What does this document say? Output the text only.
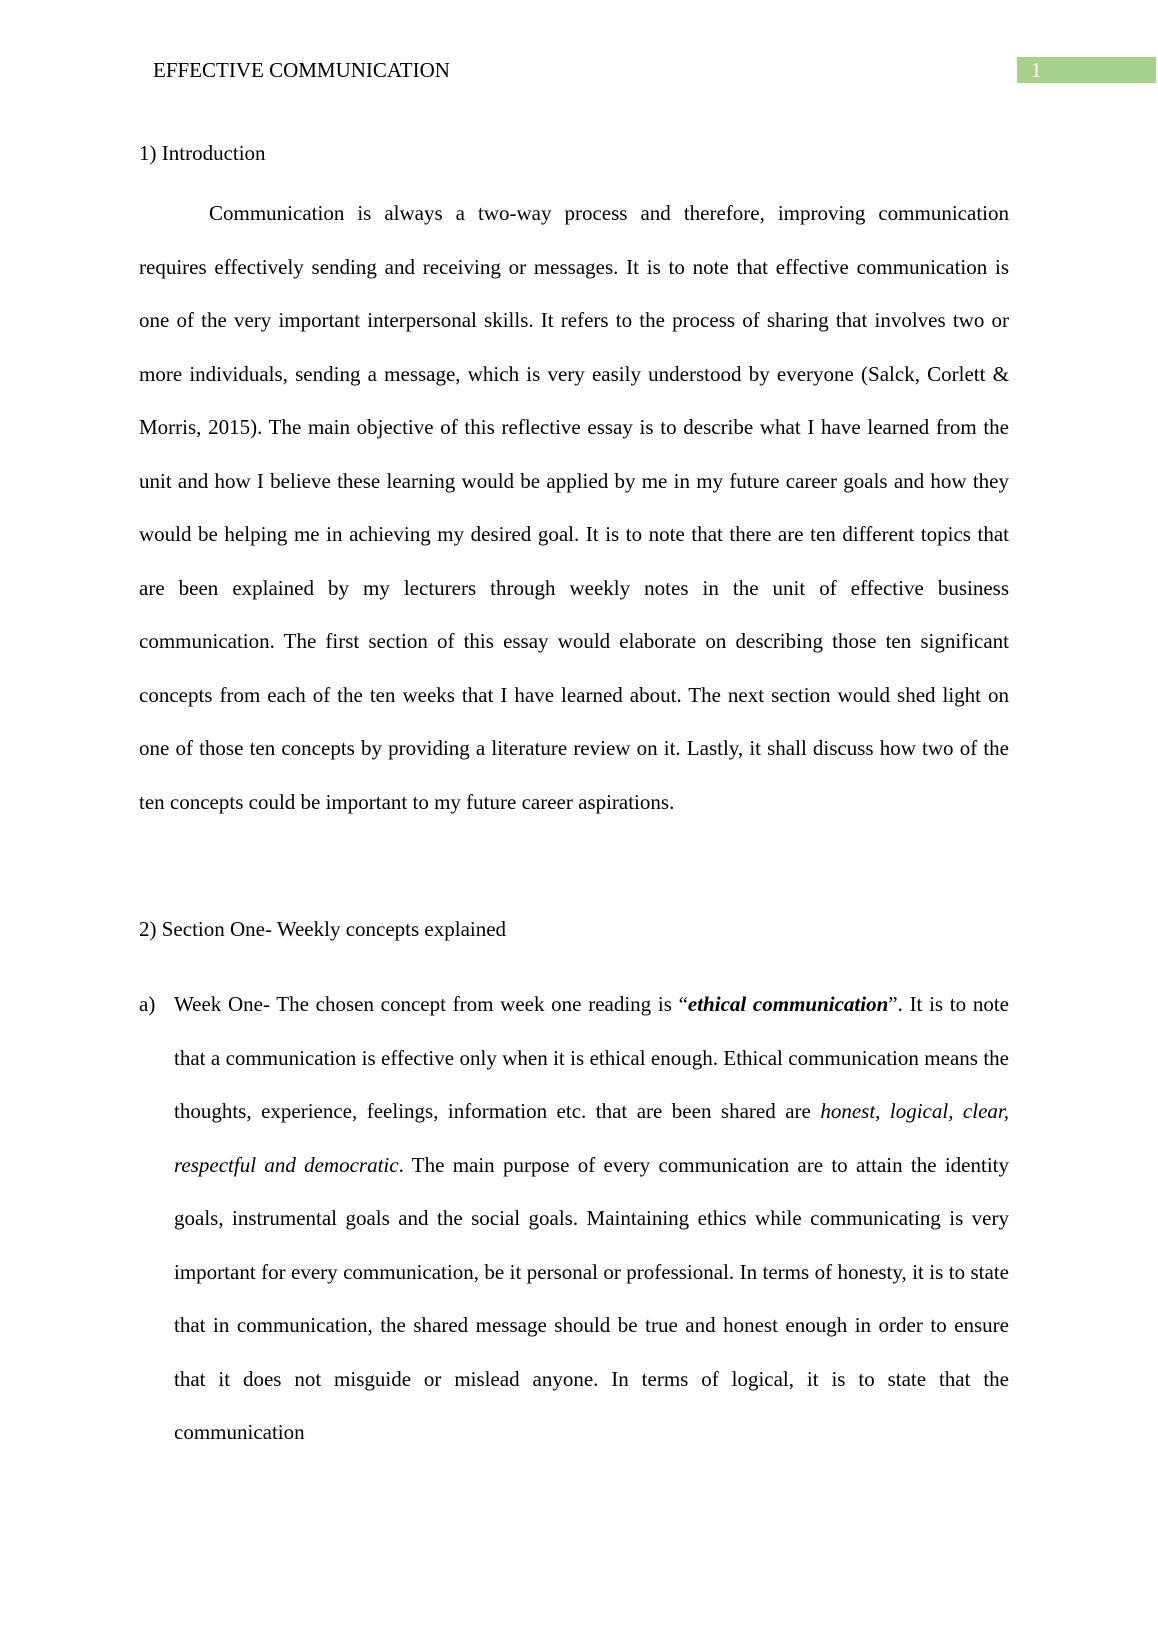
EFFECTIVE COMMUNICATION	1
1) Introduction

Communication is always a two-way process and therefore, improving communication requires effectively sending and receiving or messages. It is to note that effective communication is one of the very important interpersonal skills. It refers to the process of sharing that involves two or more individuals, sending a message, which is very easily understood by everyone (Salck, Corlett & Morris, 2015). The main objective of this reflective essay is to describe what I have learned from the unit and how I believe these learning would be applied by me in my future career goals and how they would be helping me in achieving my desired goal. It is to note that there are ten different topics that are been explained by my lecturers through weekly notes in the unit of effective business communication. The first section of this essay would elaborate on describing those ten significant concepts from each of the ten weeks that I have learned about. The next section would shed light on one of those ten concepts by providing a literature review on it. Lastly, it shall discuss how two of the ten concepts could be important to my future career aspirations.

2) Section One- Weekly concepts explained
a) Week One- The chosen concept from week one reading is “ethical communication”. It is to note that a communication is effective only when it is ethical enough. Ethical communication means the thoughts, experience, feelings, information etc. that are been shared are honest, logical, clear, respectful and democratic. The main purpose of every communication are to attain the identity goals, instrumental goals and the social goals. Maintaining ethics while communicating is very important for every communication, be it personal or professional. In terms of honesty, it is to state that in communication, the shared message should be true and honest enough in order to ensure that it does not misguide or mislead anyone. In terms of logical, it is to state that the communication
